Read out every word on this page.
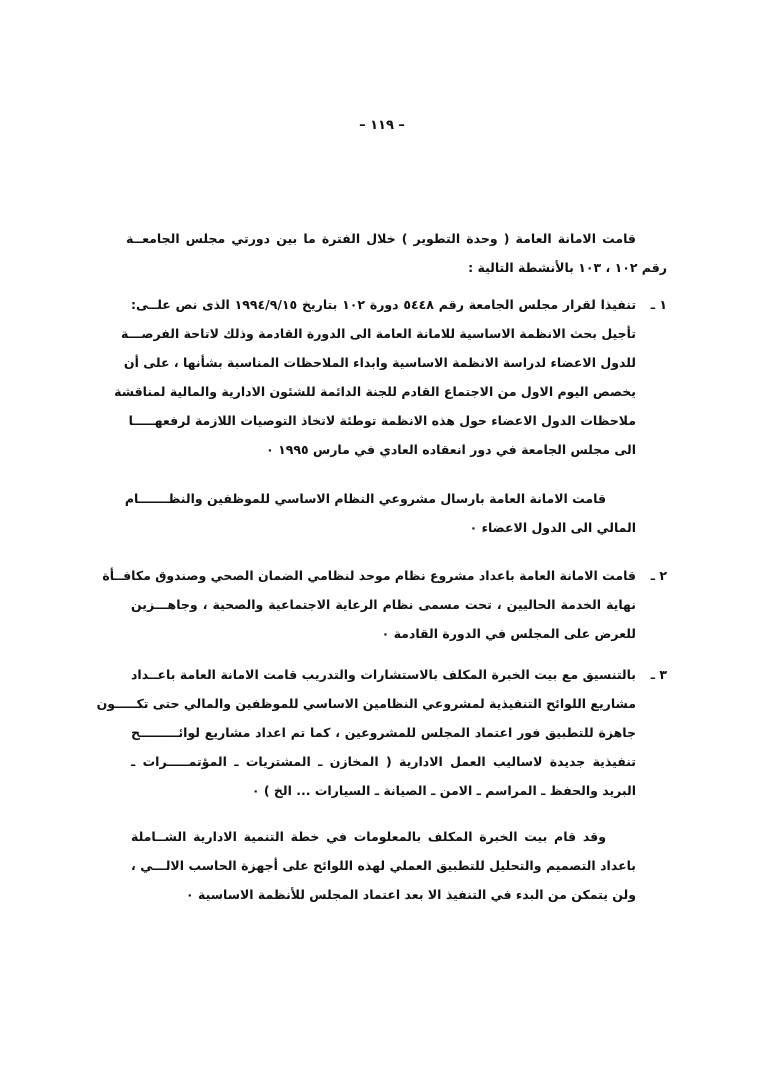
– ١١٩ –
قامت الامانة العامة ( وحدة التطوير ) خلال الفترة ما بين دورتي مجلس الجامعــة
رقم ١٠٢ ، ١٠٣ بالأنشطة التالية :
١ ـ
تنفيذا لقرار مجلس الجامعة رقم ٥٤٤٨ دورة ١٠٢ بتاريخ ١٩٩٤/٩/١٥ الذى نص علــى:
تأجيل بحث الانظمة الاساسية للامانة العامة الى الدورة القادمة وذلك لاتاحة الفرصـــة
للدول الاعضاء لدراسة الانظمة الاساسية وابداء الملاحظات المناسبة بشأنها ، على أن
يخصص اليوم الاول من الاجتماع القادم للجنة الدائمة للشئون الادارية والمالية لمناقشة
ملاحظات الدول الاعضاء حول هذه الانظمة توطئة لاتخاذ التوصيات اللازمة لرفعهـــــا
الى مجلس الجامعة في دور انعقاده العادي في مارس ١٩٩٥ ٠
قامت الامانة العامة بارسال مشروعي النظام الاساسي للموظفين والنظـــــــام
المالي الى الدول الاعضاء ٠
٢ ـ
قامت الامانة العامة باعداد مشروع نظام موحد لنظامي الضمان الصحي وصندوق مكافــأة
نهاية الخدمة الحاليين ، تحت مسمى نظام الرعاية الاجتماعية والصحية ، وجاهـــزين
للعرض على المجلس في الدورة القادمة ٠
٣ ـ
بالتنسيق مع بيت الخبرة المكلف بالاستشارات والتدريب قامت الامانة العامة باعــداد
مشاريع اللوائح التنفيذية لمشروعي النظامين الاساسي للموظفين والمالي حتى تكـــــون
جاهزة للتطبيق فور اعتماد المجلس للمشروعين ، كما تم اعداد مشاريع لوائـــــــــح
تنفيذية جديدة لاساليب العمل الادارية ( المخازن ـ المشتريات ـ المؤتمـــــرات ـ
البريد والحفظ ـ المراسم ـ الامن ـ الصيانة ـ السيارات ... الخ ) ٠
وقد قام بيت الخبرة المكلف بالمعلومات في خطة التنمية الادارية الشــاملة
باعداد التصميم والتحليل للتطبيق العملي لهذه اللوائح على أجهزة الحاسب الالـــي ،
ولن يتمكن من البدء في التنفيذ الا بعد اعتماد المجلس للأنظمة الاساسية ٠
